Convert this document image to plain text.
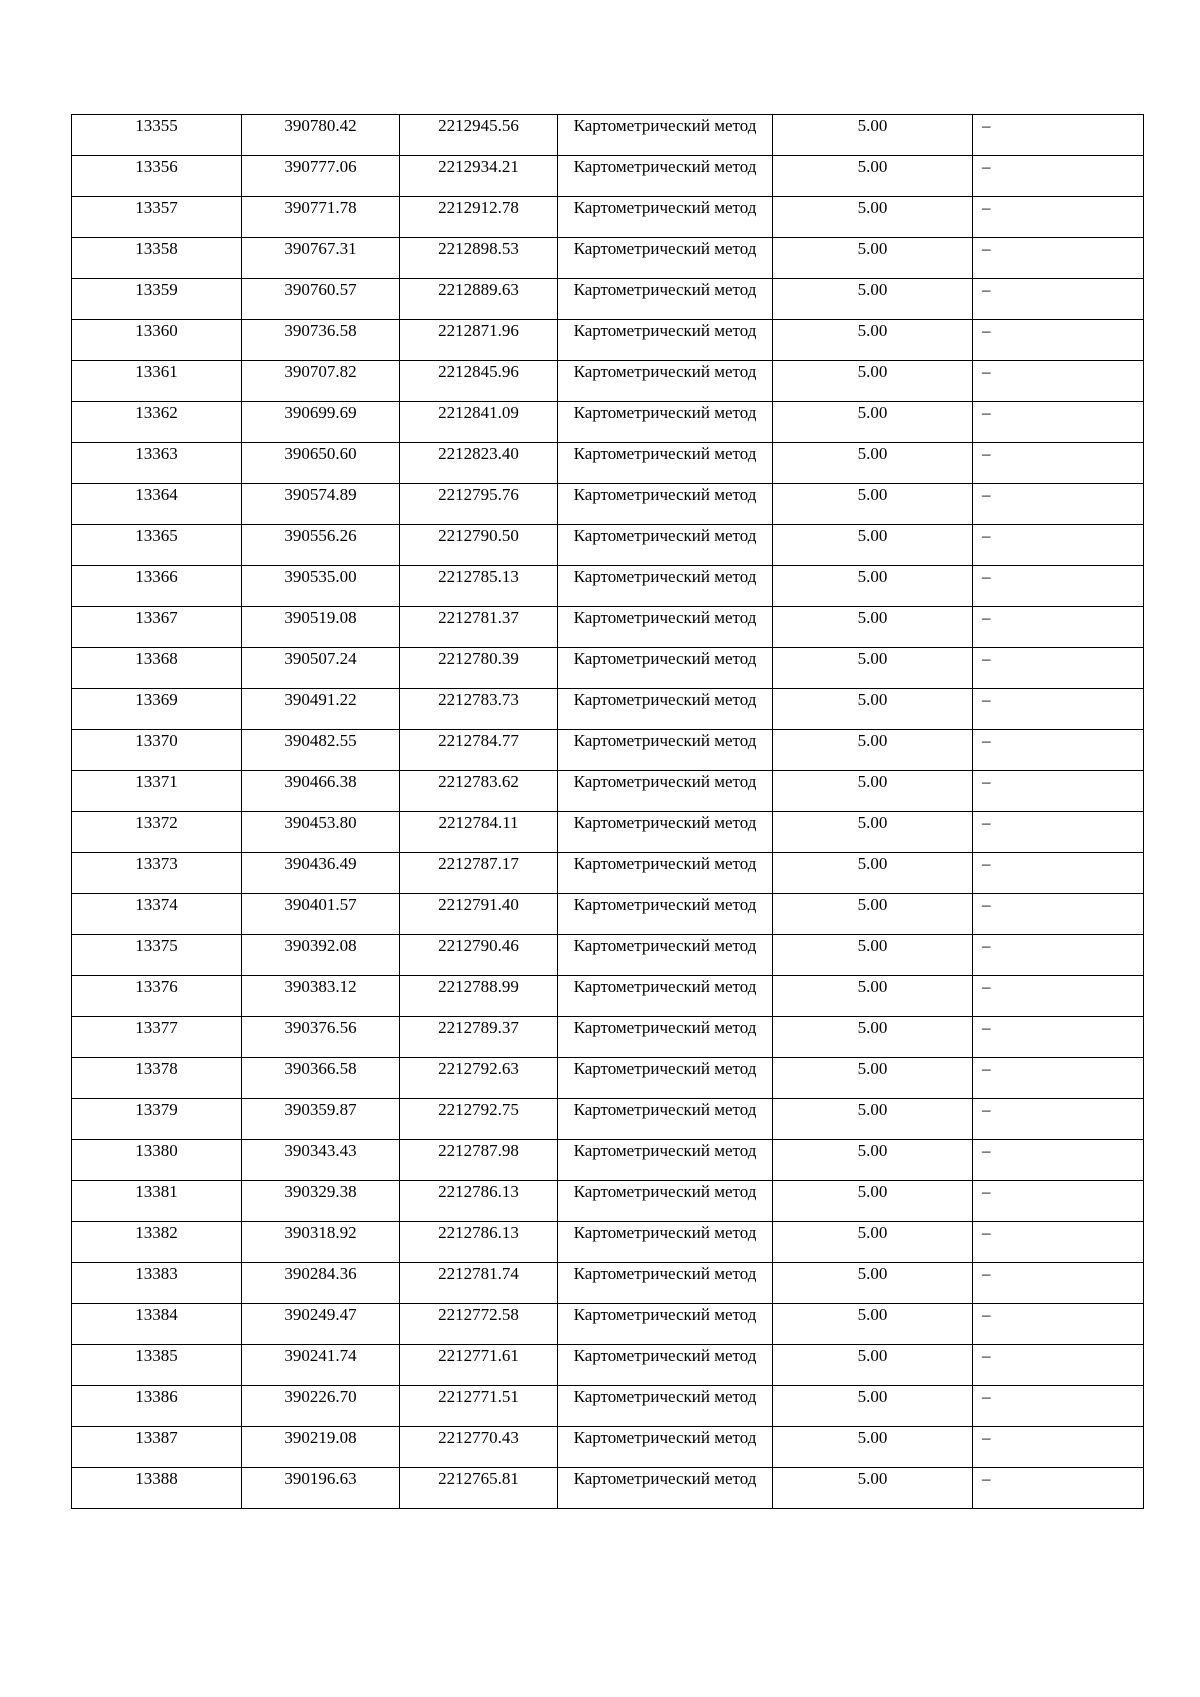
13355	390780.42	2212945.56	Картометрический метод	5.00	–

13356	390777.06	2212934.21	Картометрический метод	5.00	–

13357	390771.78	2212912.78	Картометрический метод	5.00	–

13358	390767.31	2212898.53	Картометрический метод	5.00	–

13359	390760.57	2212889.63	Картометрический метод	5.00	–

13360	390736.58	2212871.96	Картометрический метод	5.00	–

13361	390707.82	2212845.96	Картометрический метод	5.00	–

13362	390699.69	2212841.09	Картометрический метод	5.00	–

13363	390650.60	2212823.40	Картометрический метод	5.00	–

13364	390574.89	2212795.76	Картометрический метод	5.00	–

13365	390556.26	2212790.50	Картометрический метод	5.00	–

13366	390535.00	2212785.13	Картометрический метод	5.00	–

13367	390519.08	2212781.37	Картометрический метод	5.00	–

13368	390507.24	2212780.39	Картометрический метод	5.00	–

13369	390491.22	2212783.73	Картометрический метод	5.00	–

13370	390482.55	2212784.77	Картометрический метод	5.00	–

13371	390466.38	2212783.62	Картометрический метод	5.00	–

13372	390453.80	2212784.11	Картометрический метод	5.00	–

13373	390436.49	2212787.17	Картометрический метод	5.00	–

13374	390401.57	2212791.40	Картометрический метод	5.00	–

13375	390392.08	2212790.46	Картометрический метод	5.00	–

13376	390383.12	2212788.99	Картометрический метод	5.00	–

13377	390376.56	2212789.37	Картометрический метод	5.00	–

13378	390366.58	2212792.63	Картометрический метод	5.00	–

13379	390359.87	2212792.75	Картометрический метод	5.00	–

13380	390343.43	2212787.98	Картометрический метод	5.00	–

13381	390329.38	2212786.13	Картометрический метод	5.00	–

13382	390318.92	2212786.13	Картометрический метод	5.00	–

13383	390284.36	2212781.74	Картометрический метод	5.00	–

13384	390249.47	2212772.58	Картометрический метод	5.00	–

13385	390241.74	2212771.61	Картометрический метод	5.00	–

13386	390226.70	2212771.51	Картометрический метод	5.00	–

13387	390219.08	2212770.43	Картометрический метод	5.00	–

13388	390196.63	2212765.81	Картометрический метод	5.00	–
